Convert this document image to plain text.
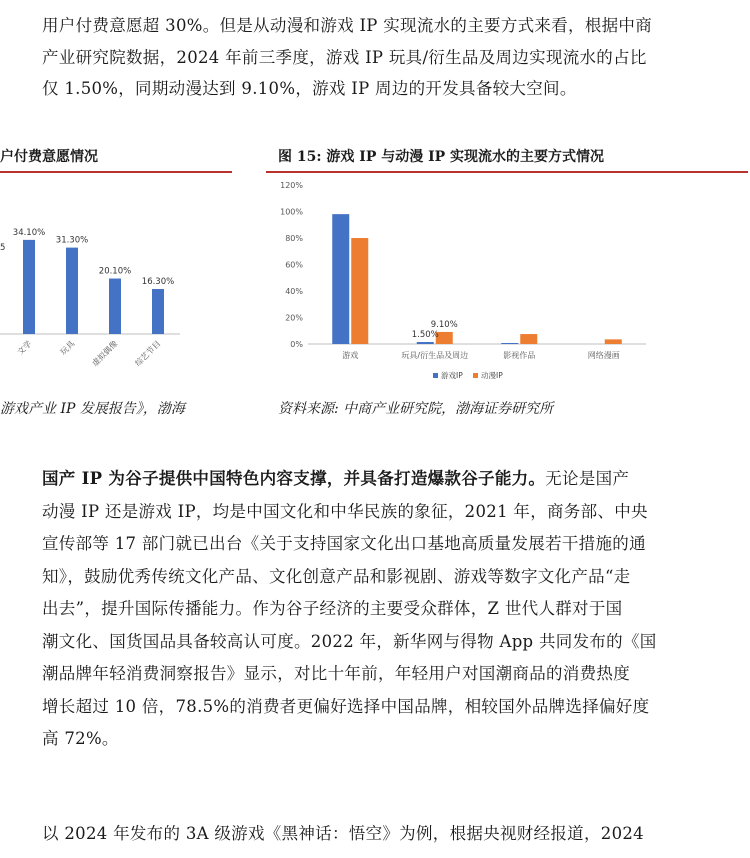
用户付费意愿超 30%。但是从动漫和游戏 IP 实现流水的主要方式来看，根据中商

产业研究院数据，2024 年前三季度，游戏 IP 玩具/衍生品及周边实现流水的占比

仅 1.50%，同期动漫达到 9.10%，游戏 IP 周边的开发具备较大空间。

户付费意愿情况
5
34.10%
文学
31.30%
玩具
20.10%
虚拟偶像
16.30%
综艺节目
游戏产业 IP 发展报告》，渤海
图 15: 游戏 IP 与动漫 IP 实现流水的主要方式情况
0%
20%
40%
60%
80%
100%
120%
游戏	玩具/衍生品及周边	影视作品	网络漫画
1.50%
9.10%
游戏IP 动漫IP
资料来源: 中商产业研究院，渤海证券研究所

国产 IP 为谷子提供中国特色内容支撑，并具备打造爆款谷子能力。无论是国产

动漫 IP 还是游戏 IP，均是中国文化和中华民族的象征，2021 年，商务部、中央

宣传部等 17 部门就已出台《关于支持国家文化出口基地高质量发展若干措施的通

知》，鼓励优秀传统文化产品、文化创意产品和影视剧、游戏等数字文化产品“走

出去”，提升国际传播能力。作为谷子经济的主要受众群体，Z 世代人群对于国

潮文化、国货国品具备较高认可度。2022 年，新华网与得物 App 共同发布的《国

潮品牌年轻消费洞察报告》显示，对比十年前，年轻用户对国潮商品的消费热度

增长超过 10 倍，78.5%的消费者更偏好选择中国品牌，相较国外品牌选择偏好度

高 72%。

以 2024 年发布的 3A 级游戏《黑神话：悟空》为例，根据央视财经报道，2024
